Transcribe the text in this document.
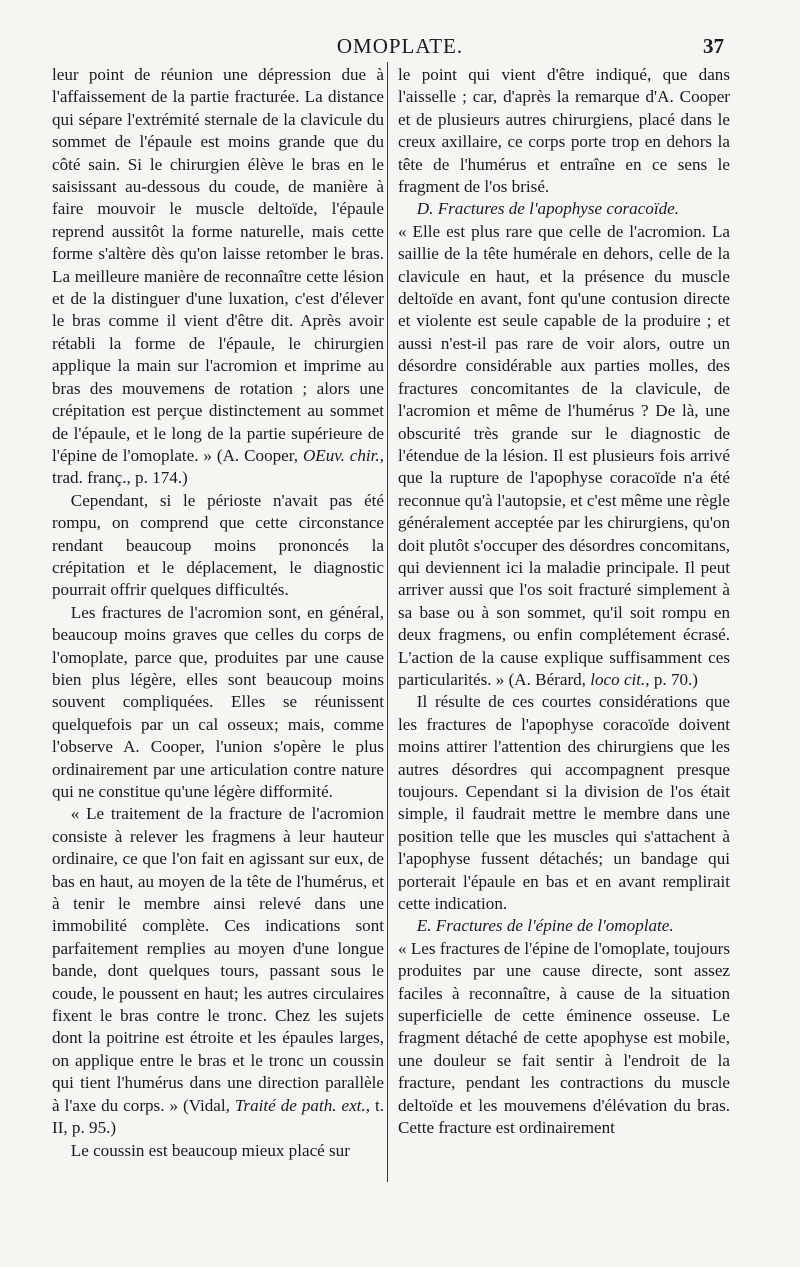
OMOPLATE.	37

leur point de réunion une dépression due à l'affaissement de la partie fracturée. La distance qui sépare l'extrémité sternale de la clavicule du sommet de l'épaule est moins grande que du côté sain. Si le chirurgien élève le bras en le saisissant au-dessous du coude, de manière à faire mouvoir le muscle deltoïde, l'épaule reprend aussitôt la forme naturelle, mais cette forme s'altère dès qu'on laisse retomber le bras. La meilleure manière de reconnaître cette lésion et de la distinguer d'une luxation, c'est d'élever le bras comme il vient d'être dit. Après avoir rétabli la forme de l'épaule, le chirurgien applique la main sur l'acromion et imprime au bras des mouvemens de rotation ; alors une crépitation est perçue distinctement au sommet de l'épaule, et le long de la partie supérieure de l'épine de l'omoplate. » (A. Cooper, OEuv. chir., trad. franç., p. 174.)

Cependant, si le périoste n'avait pas été rompu, on comprend que cette circonstance rendant beaucoup moins prononcés la crépitation et le déplacement, le diagnostic pourrait offrir quelques difficultés.

Les fractures de l'acromion sont, en général, beaucoup moins graves que celles du corps de l'omoplate, parce que, produites par une cause bien plus légère, elles sont beaucoup moins souvent compliquées. Elles se réunissent quelquefois par un cal osseux; mais, comme l'observe A. Cooper, l'union s'opère le plus ordinairement par une articulation contre nature qui ne constitue qu'une légère difformité.

« Le traitement de la fracture de l'acromion consiste à relever les fragmens à leur hauteur ordinaire, ce que l'on fait en agissant sur eux, de bas en haut, au moyen de la tête de l'humérus, et à tenir le membre ainsi relevé dans une immobilité complète. Ces indications sont parfaitement remplies au moyen d'une longue bande, dont quelques tours, passant sous le coude, le poussent en haut; les autres circulaires fixent le bras contre le tronc. Chez les sujets dont la poitrine est étroite et les épaules larges, on applique entre le bras et le tronc un coussin qui tient l'humérus dans une direction parallèle à l'axe du corps. » (Vidal, Traité de path. ext., t. II, p. 95.)

Le coussin est beaucoup mieux placé sur

le point qui vient d'être indiqué, que dans l'aisselle ; car, d'après la remarque d'A. Cooper et de plusieurs autres chirurgiens, placé dans le creux axillaire, ce corps porte trop en dehors la tête de l'humérus et entraîne en ce sens le fragment de l'os brisé.

D. Fractures de l'apophyse coracoïde.

« Elle est plus rare que celle de l'acromion. La saillie de la tête humérale en dehors, celle de la clavicule en haut, et la présence du muscle deltoïde en avant, font qu'une contusion directe et violente est seule capable de la produire ; et aussi n'est-il pas rare de voir alors, outre un désordre considérable aux parties molles, des fractures concomitantes de la clavicule, de l'acromion et même de l'humérus ? De là, une obscurité très grande sur le diagnostic de l'étendue de la lésion. Il est plusieurs fois arrivé que la rupture de l'apophyse coracoïde n'a été reconnue qu'à l'autopsie, et c'est même une règle généralement acceptée par les chirurgiens, qu'on doit plutôt s'occuper des désordres concomitans, qui deviennent ici la maladie principale. Il peut arriver aussi que l'os soit fracturé simplement à sa base ou à son sommet, qu'il soit rompu en deux fragmens, ou enfin complétement écrasé. L'action de la cause explique suffisamment ces particularités. » (A. Bérard, loco cit., p. 70.)

Il résulte de ces courtes considérations que les fractures de l'apophyse coracoïde doivent moins attirer l'attention des chirurgiens que les autres désordres qui accompagnent presque toujours. Cependant si la division de l'os était simple, il faudrait mettre le membre dans une position telle que les muscles qui s'attachent à l'apophyse fussent détachés; un bandage qui porterait l'épaule en bas et en avant remplirait cette indication.

E. Fractures de l'épine de l'omoplate.

« Les fractures de l'épine de l'omoplate, toujours produites par une cause directe, sont assez faciles à reconnaître, à cause de la situation superficielle de cette éminence osseuse. Le fragment détaché de cette apophyse est mobile, une douleur se fait sentir à l'endroit de la fracture, pendant les contractions du muscle deltoïde et les mouvemens d'élévation du bras. Cette fracture est ordinairement
